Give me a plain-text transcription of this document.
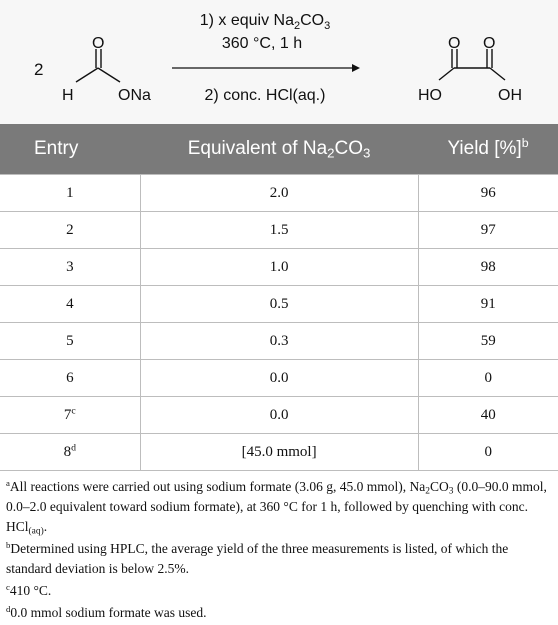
2
O
H	ONa
1) x equiv $Na_2CO_3$
360 °C, 1 h
2) conc. HCl(aq.)
O O
HO	OH
Entry	Equivalent of $Na_2CO_3$	Yield [%]$^b$
1	2.0	96
2	1.5	97
3	1.0	98
4	0.5	91
5	0.3	59
6	0.0	0
7$^c$	0.0	40
8$^d$	[45.0 mmol]	0

$^a$All reactions were carried out using sodium formate (3.06 g, 45.0 mmol), $Na_2CO_3$ (0.0–90.0 mmol, 0.0–2.0 equivalent toward sodium formate), at 360 °C for 1 h, followed by quenching with conc. HCl$_{(aq)}$.

$^b$Determined using HPLC, the average yield of the three measurements is listed, of which the standard deviation is below 2.5%.

$^c$410 °C.

$^d$0.0 mmol sodium formate was used.
